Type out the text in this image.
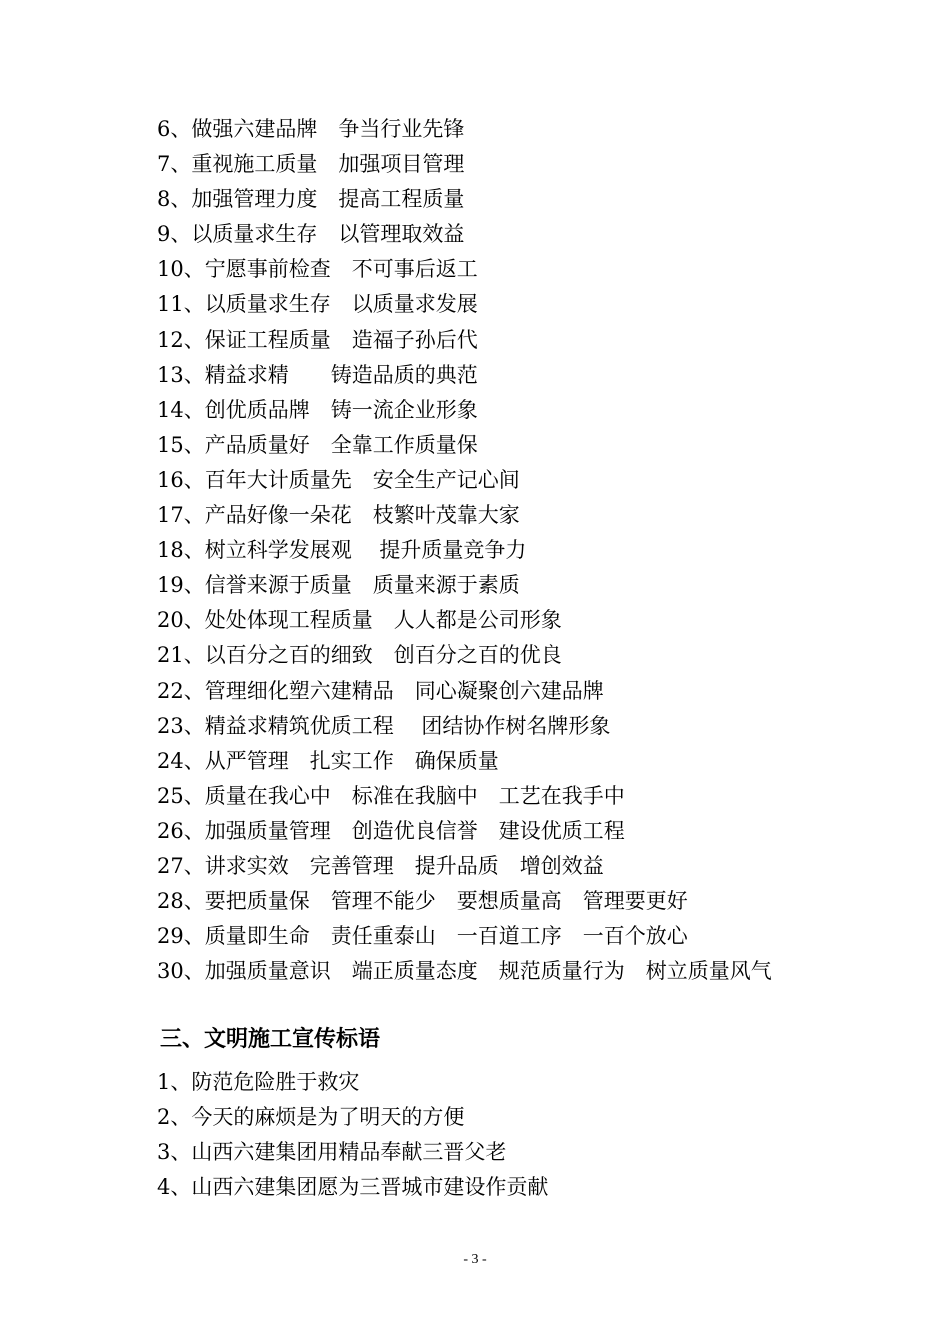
6、做强六建品牌　争当行业先锋
7、重视施工质量　加强项目管理
8、加强管理力度　提高工程质量
9、以质量求生存　以管理取效益
10、宁愿事前检查　不可事后返工
11、以质量求生存　以质量求发展
12、保证工程质量　造福子孙后代
13、精益求精　　铸造品质的典范
14、创优质品牌　铸一流企业形象
15、产品质量好　全靠工作质量保
16、百年大计质量先　安全生产记心间
17、产品好像一朵花　枝繁叶茂靠大家
18、树立科学发展观　 提升质量竞争力
19、信誉来源于质量　质量来源于素质
20、处处体现工程质量　人人都是公司形象
21、以百分之百的细致　创百分之百的优良
22、管理细化塑六建精品　同心凝聚创六建品牌
23、精益求精筑优质工程　 团结协作树名牌形象
24、从严管理　扎实工作　确保质量
25、质量在我心中　标准在我脑中　工艺在我手中
26、加强质量管理　创造优良信誉　建设优质工程
27、讲求实效　完善管理　提升品质　增创效益
28、要把质量保　管理不能少　要想质量高　管理要更好
29、质量即生命　责任重泰山　一百道工序　一百个放心
30、加强质量意识　端正质量态度　规范质量行为　树立质量风气
三、文明施工宣传标语
1、防范危险胜于救灾
2、今天的麻烦是为了明天的方便
3、山西六建集团用精品奉献三晋父老
4、山西六建集团愿为三晋城市建设作贡献
- 3 -
